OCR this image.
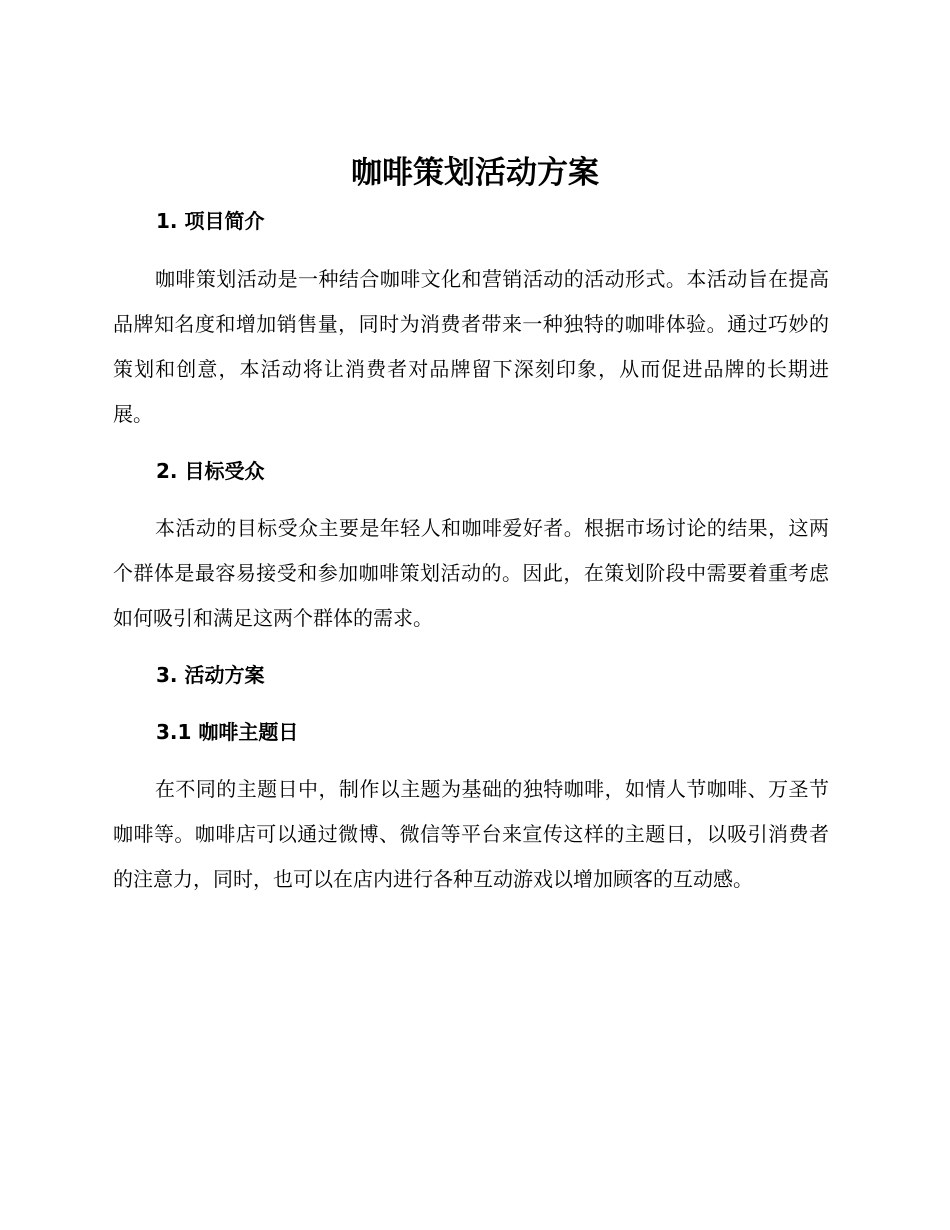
咖啡策划活动方案
1. 项目简介

咖啡策划活动是一种结合咖啡文化和营销活动的活动形式。本活动旨在提高品牌知名度和增加销售量，同时为消费者带来一种独特的咖啡体验。通过巧妙的策划和创意，本活动将让消费者对品牌留下深刻印象，从而促进品牌的长期进展。

2. 目标受众

本活动的目标受众主要是年轻人和咖啡爱好者。根据市场讨论的结果，这两个群体是最容易接受和参加咖啡策划活动的。因此，在策划阶段中需要着重考虑如何吸引和满足这两个群体的需求。

3. 活动方案
3.1 咖啡主题日

在不同的主题日中，制作以主题为基础的独特咖啡，如情人节咖啡、万圣节咖啡等。咖啡店可以通过微博、微信等平台来宣传这样的主题日，以吸引消费者的注意力，同时，也可以在店内进行各种互动游戏以增加顾客的互动感。
